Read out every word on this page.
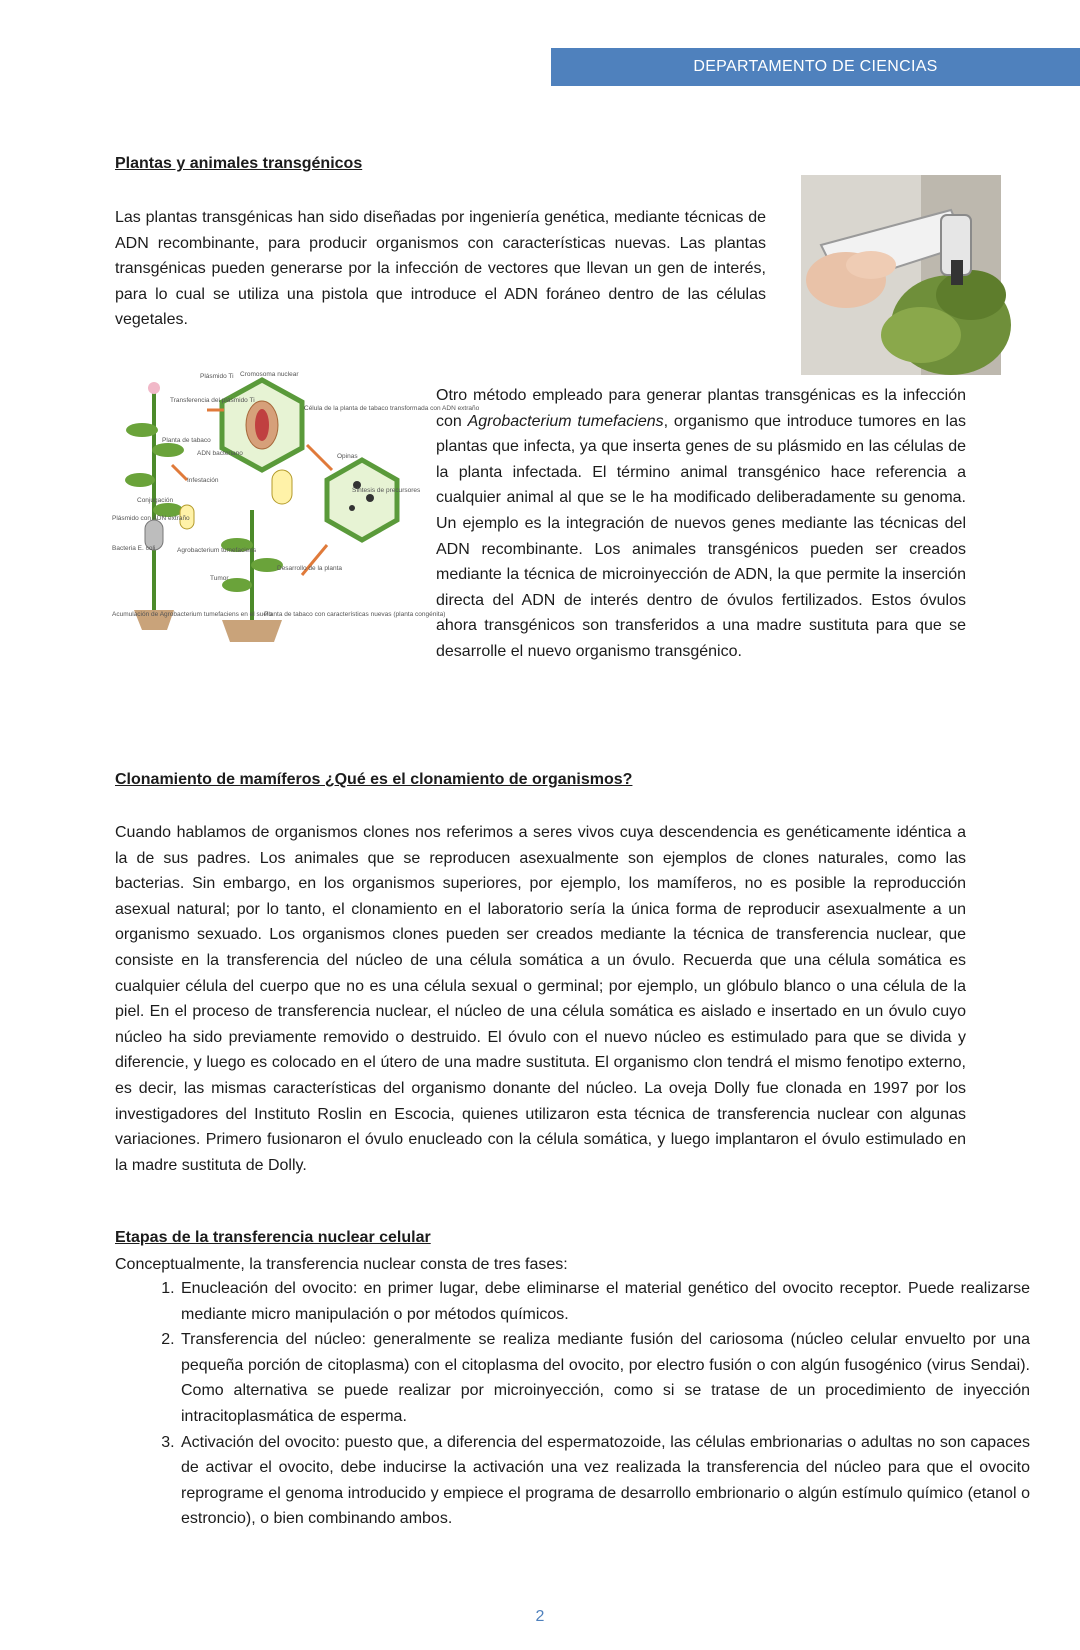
DEPARTAMENTO DE CIENCIAS
Plantas y animales transgénicos

Las plantas transgénicas han sido diseñadas por ingeniería genética, mediante técnicas de ADN recombinante, para producir organismos con características nuevas. Las plantas transgénicas pueden generarse por la infección de vectores que llevan un gen de interés, para lo cual se utiliza una pistola que introduce el ADN foráneo dentro de las células vegetales.

Plásmido Ti Cromosoma nuclear
Transferencia del plásmido Ti
Célula de la planta de tabaco transformada con ADN extraño
Planta de tabaco
ADN bacteriano	Opinas
Infestación
Síntesis de precursores
Conjugación
Plásmido con ADN extraño
Bacteria E. coli	Agrobacterium tumefaciens
Tumor
Desarrollo de la planta
Acumulación de Agrobacterium tumefaciens en el suelo
Planta de tabaco con características nuevas (planta congénita)

Otro método empleado para generar plantas transgénicas es la infección con Agrobacterium tumefaciens, organismo que introduce tumores en las plantas que infecta, ya que inserta genes de su plásmido en las células de la planta infectada. El término animal transgénico hace referencia a cualquier animal al que se le ha modificado deliberadamente su genoma. Un ejemplo es la integración de nuevos genes mediante las técnicas del ADN recombinante. Los animales transgénicos pueden ser creados mediante la técnica de microinyección de ADN, la que permite la inserción directa del ADN de interés dentro de óvulos fertilizados. Estos óvulos ahora transgénicos son transferidos a una madre sustituta para que se desarrolle el nuevo organismo transgénico.

Clonamiento de mamíferos ¿Qué es el clonamiento de organismos?

Cuando hablamos de organismos clones nos referimos a seres vivos cuya descendencia es genéticamente idéntica a la de sus padres. Los animales que se reproducen asexualmente son ejemplos de clones naturales, como las bacterias. Sin embargo, en los organismos superiores, por ejemplo, los mamíferos, no es posible la reproducción asexual natural; por lo tanto, el clonamiento en el laboratorio sería la única forma de reproducir asexualmente a un organismo sexuado. Los organismos clones pueden ser creados mediante la técnica de transferencia nuclear, que consiste en la transferencia del núcleo de una célula somática a un óvulo. Recuerda que una célula somática es cualquier célula del cuerpo que no es una célula sexual o germinal; por ejemplo, un glóbulo blanco o una célula de la piel. En el proceso de transferencia nuclear, el núcleo de una célula somática es aislado e insertado en un óvulo cuyo núcleo ha sido previamente removido o destruido. El óvulo con el nuevo núcleo es estimulado para que se divida y diferencie, y luego es colocado en el útero de una madre sustituta. El organismo clon tendrá el mismo fenotipo externo, es decir, las mismas características del organismo donante del núcleo. La oveja Dolly fue clonada en 1997 por los investigadores del Instituto Roslin en Escocia, quienes utilizaron esta técnica de transferencia nuclear con algunas variaciones. Primero fusionaron el óvulo enucleado con la célula somática, y luego implantaron el óvulo estimulado en la madre sustituta de Dolly.

Etapas de la transferencia nuclear celular

Conceptualmente, la transferencia nuclear consta de tres fases:

1. Enucleación del ovocito: en primer lugar, debe eliminarse el material genético del ovocito receptor. Puede realizarse mediante micro manipulación o por métodos químicos.
2. Transferencia del núcleo: generalmente se realiza mediante fusión del cariosoma (núcleo celular envuelto por una pequeña porción de citoplasma) con el citoplasma del ovocito, por electro fusión o con algún fusogénico (virus Sendai). Como alternativa se puede realizar por microinyección, como si se tratase de un procedimiento de inyección intracitoplasmática de esperma.
3. Activación del ovocito: puesto que, a diferencia del espermatozoide, las células embrionarias o adultas no son capaces de activar el ovocito, debe inducirse la activación una vez realizada la transferencia del núcleo para que el ovocito reprograme el genoma introducido y empiece el programa de desarrollo embrionario o algún estímulo químico (etanol o estroncio), o bien combinando ambos.
2
